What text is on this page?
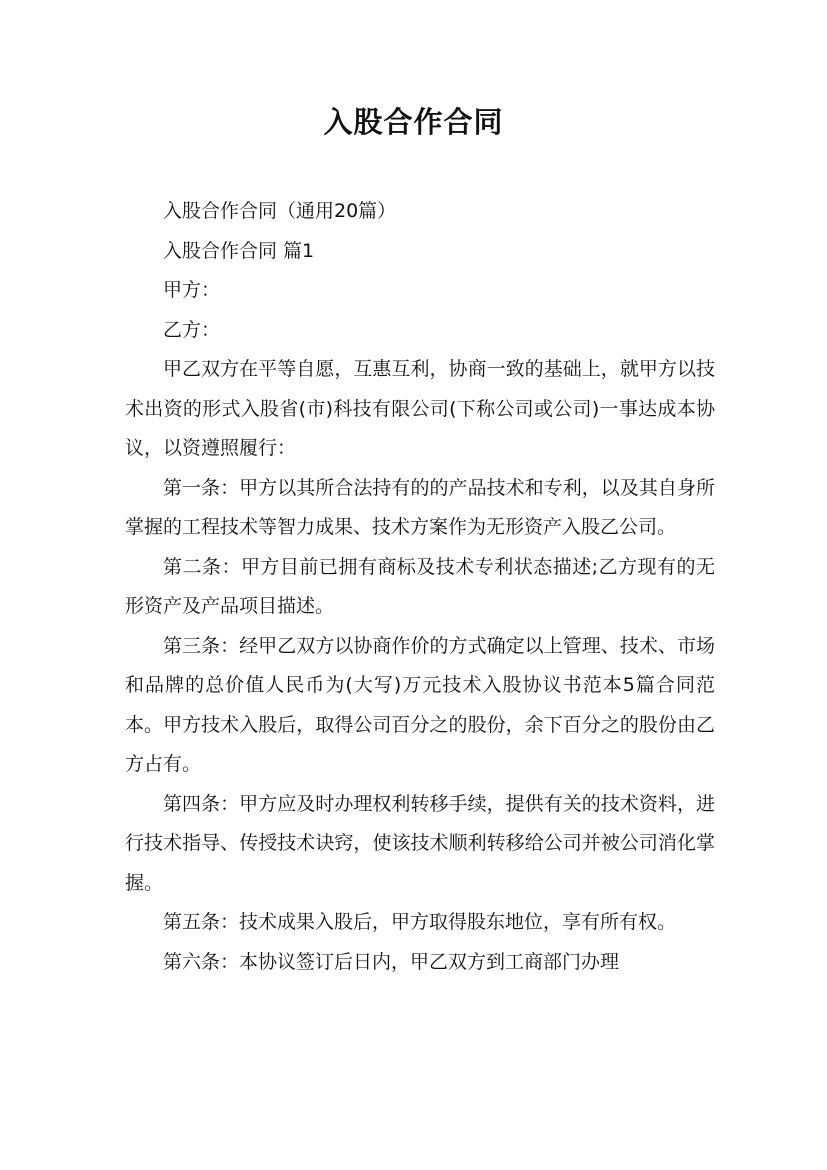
入股合作合同

入股合作合同（通用20篇）

入股合作合同 篇1

甲方：

乙方：

甲乙双方在平等自愿，互惠互利，协商一致的基础上，就甲方以技术出资的形式入股省(市)科技有限公司(下称公司或公司)一事达成本协议，以资遵照履行：

第一条：甲方以其所合法持有的的产品技术和专利，以及其自身所掌握的工程技术等智力成果、技术方案作为无形资产入股乙公司。

第二条：甲方目前已拥有商标及技术专利状态描述;乙方现有的无形资产及产品项目描述。

第三条：经甲乙双方以协商作价的方式确定以上管理、技术、市场和品牌的总价值人民币为(大写)万元技术入股协议书范本5篇合同范本。甲方技术入股后，取得公司百分之的股份，余下百分之的股份由乙方占有。

第四条：甲方应及时办理权利转移手续，提供有关的技术资料，进行技术指导、传授技术诀窍，使该技术顺利转移给公司并被公司消化掌握。

第五条：技术成果入股后，甲方取得股东地位，享有所有权。

第六条：本协议签订后日内，甲乙双方到工商部门办理
